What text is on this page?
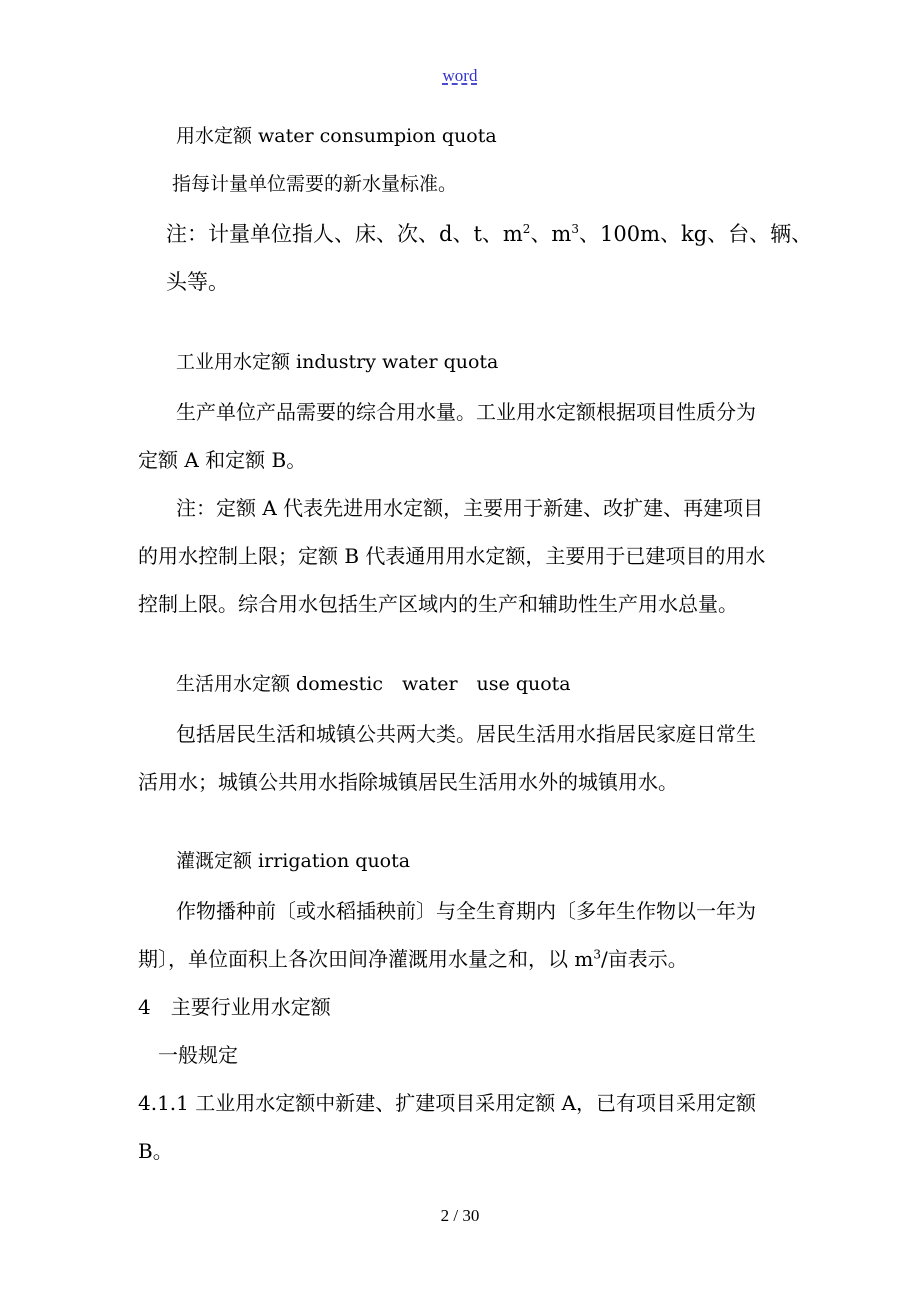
word
用水定额 water consumpion quota
指每计量单位需要的新水量标准。
注：计量单位指人、床、次、d、t、$m^2$、$m^3$、100m、kg、台、辆、
头等。
工业用水定额 industry water quota
生产单位产品需要的综合用水量。工业用水定额根据项目性质分为
定额 A 和定额 B。
注：定额 A 代表先进用水定额，主要用于新建、改扩建、再建项目
的用水控制上限；定额 B 代表通用用水定额，主要用于已建项目的用水
控制上限。综合用水包括生产区域内的生产和辅助性生产用水总量。
生活用水定额 domestic　water　use quota
包括居民生活和城镇公共两大类。居民生活用水指居民家庭日常生
活用水；城镇公共用水指除城镇居民生活用水外的城镇用水。
灌溉定额 irrigation quota
作物播种前〔或水稻插秧前〕与全生育期内〔多年生作物以一年为
期〕，单位面积上各次田间净灌溉用水量之和，以 $m^3/$亩表示。
4　主要行业用水定额
一般规定
4.1.1 工业用水定额中新建、扩建项目采用定额 A，已有项目采用定额
B。
2 / 30
